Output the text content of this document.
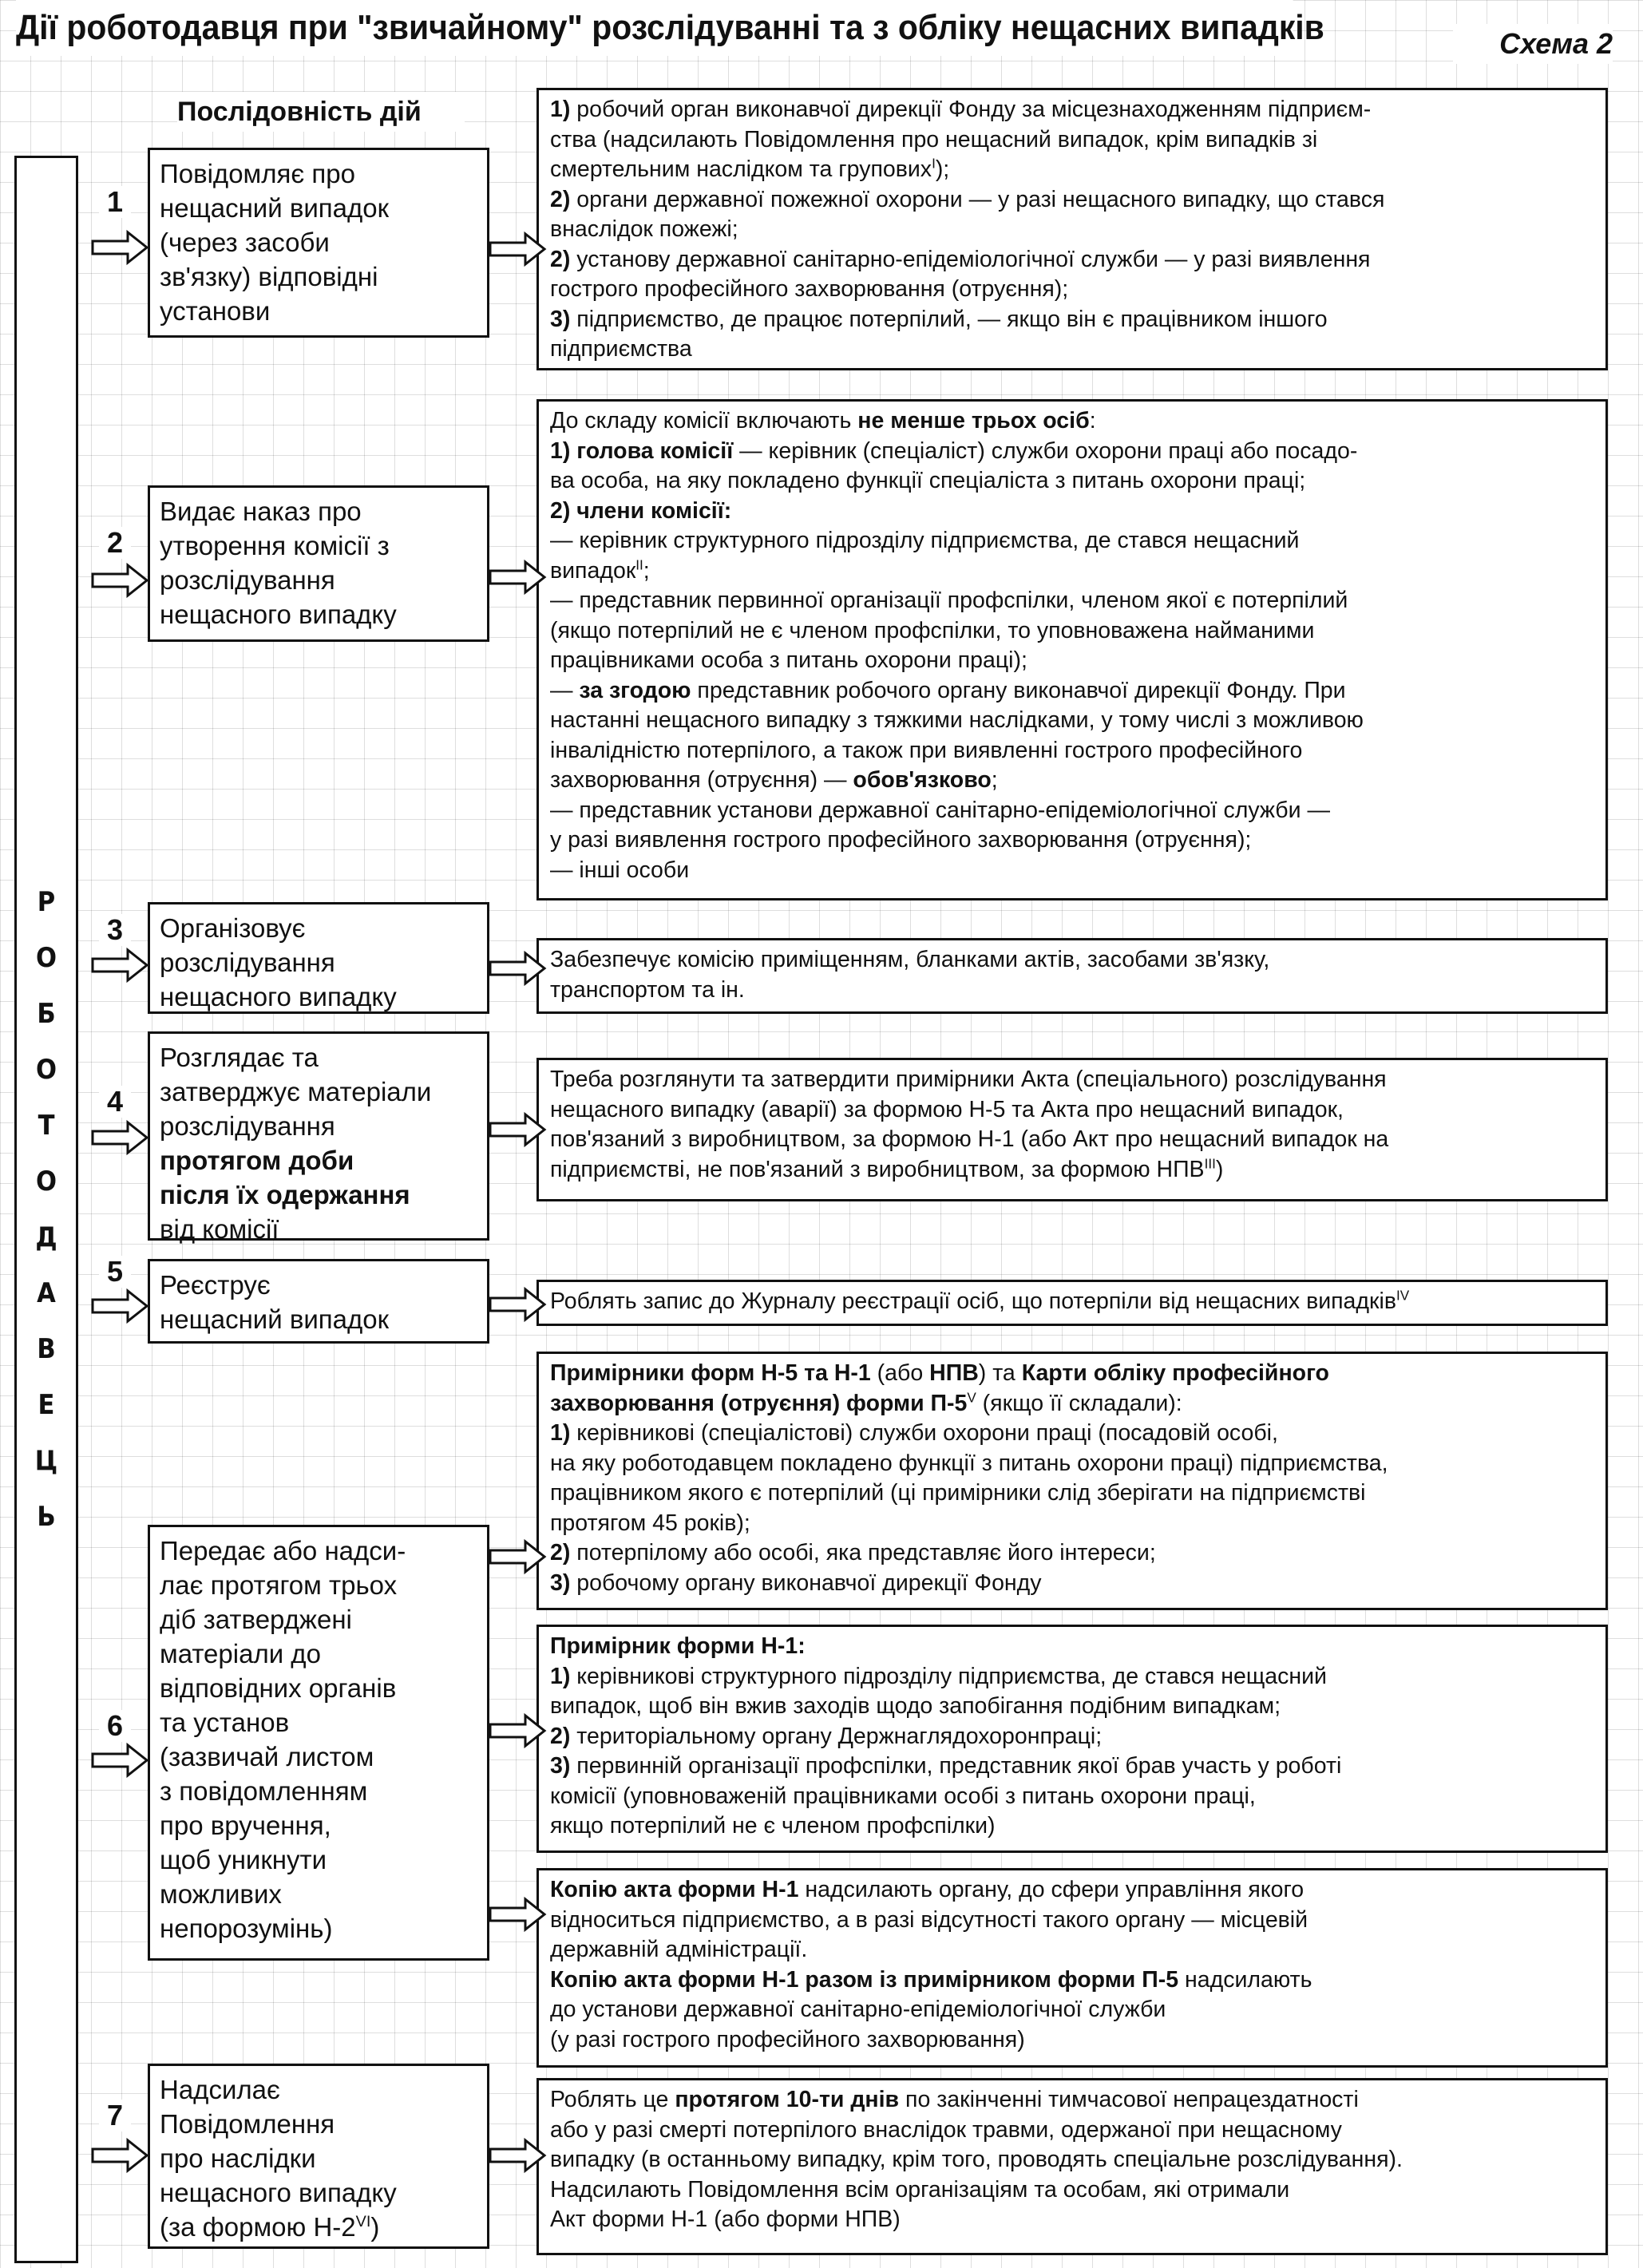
Дії роботодавця при "звичайному" розслідуванні та з обліку нещасних випадків	Схема 2
Послідовність дій
Р
О
Б
О
Т
О
Д
А
В
Е
Ц
Ь
1
Повідомляє про
нещасний випадок
(через засоби
зв'язку) відповідні
установи
1) робочий орган виконавчої дирекції Фонду за місцезнаходженням підприєм-
ства (надсилають Повідомлення про нещасний випадок, крім випадків зі
смертельним наслідком та групових$^I$);
2) органи державної пожежної охорони — у разі нещасного випадку, що стався
внаслідок пожежі;
2) установу державної санітарно-епідеміологічної служби — у разі виявлення
гострого професійного захворювання (отруєння);
3) підприємство, де працює потерпілий, — якщо він є працівником іншого
підприємства
2
Видає наказ про
утворення комісії з
розслідування
нещасного випадку
До складу комісії включають не менше трьох осіб:
1) голова комісії — керівник (спеціаліст) служби охорони праці або посадо-
ва особа, на яку покладено функції спеціаліста з питань охорони праці;
2) члени комісії:
— керівник структурного підрозділу підприємства, де стався нещасний
випадок$^{II}$;
— представник первинної організації профспілки, членом якої є потерпілий
(якщо потерпілий не є членом профспілки, то уповноважена найманими
працівниками особа з питань охорони праці);
— за згодою представник робочого органу виконавчої дирекції Фонду. При
настанні нещасного випадку з тяжкими наслідками, у тому числі з можливою
інвалідністю потерпілого, а також при виявленні гострого професійного
захворювання (отруєння) — обов'язково;
— представник установи державної санітарно-епідеміологічної служби —
у разі виявлення гострого професійного захворювання (отруєння);
— інші особи
3	Організовує
розслідування
нещасного випадку
Забезпечує комісію приміщенням, бланками актів, засобами зв'язку,
транспортом та ін.
4
Розглядає та
затверджує матеріали
розслідування
протягом доби
після їх одержання
від комісії
Треба розглянути та затвердити примірники Акта (спеціального) розслідування
нещасного випадку (аварії) за формою Н-5 та Акта про нещасний випадок,
пов'язаний з виробництвом, за формою Н-1 (або Акт про нещасний випадок на
підприємстві, не пов'язаний з виробництвом, за формою $НПВ^{III}$)
5	Реєструє
нещасний випадок
Роблять запис до Журналу реєстрації осіб, що потерпіли від нещасних випадків$^{IV}$
6
Передає або надси-
лає протягом трьох
діб затверджені
матеріали до
відповідних органів
та установ
(зазвичай листом
з повідомленням
про вручення,
щоб уникнути
можливих
непорозумінь)
Примірники форм Н-5 та Н-1 (або НПВ) та Карти обліку професійного
захворювання (отруєння) форми $П-5^V$ (якщо її складали):
1) керівникові (спеціалістові) служби охорони праці (посадовій особі,
на яку роботодавцем покладено функції з питань охорони праці) підприємства,
працівником якого є потерпілий (ці примірники слід зберігати на підприємстві
протягом 45 років);
2) потерпілому або особі, яка представляє його інтереси;
3) робочому органу виконавчої дирекції Фонду
Примірник форми Н-1:
1) керівникові структурного підрозділу підприємства, де стався нещасний
випадок, щоб він вжив заходів щодо запобігання подібним випадкам;
2) територіальному органу Держнаглядохоронпраці;
3) первинній організації профспілки, представник якої брав участь у роботі
комісії (уповноваженій працівниками особі з питань охорони праці,
якщо потерпілий не є членом профспілки)
Копію акта форми Н-1 надсилають органу, до сфери управління якого
відноситься підприємство, а в разі відсутності такого органу — місцевій
державній адміністрації.
Копію акта форми Н-1 разом із примірником форми П-5 надсилають
до установи державної санітарно-епідеміологічної служби
(у разі гострого професійного захворювання)
7
Надсилає
Повідомлення
про наслідки
нещасного випадку
(за формою $Н-2^{VI}$)
Роблять це протягом 10-ти днів по закінченні тимчасової непрацездатності
або у разі смерті потерпілого внаслідок травми, одержаної при нещасному
випадку (в останньому випадку, крім того, проводять спеціальне розслідування).
Надсилають Повідомлення всім організаціям та особам, які отримали
Акт форми Н-1 (або форми НПВ)
